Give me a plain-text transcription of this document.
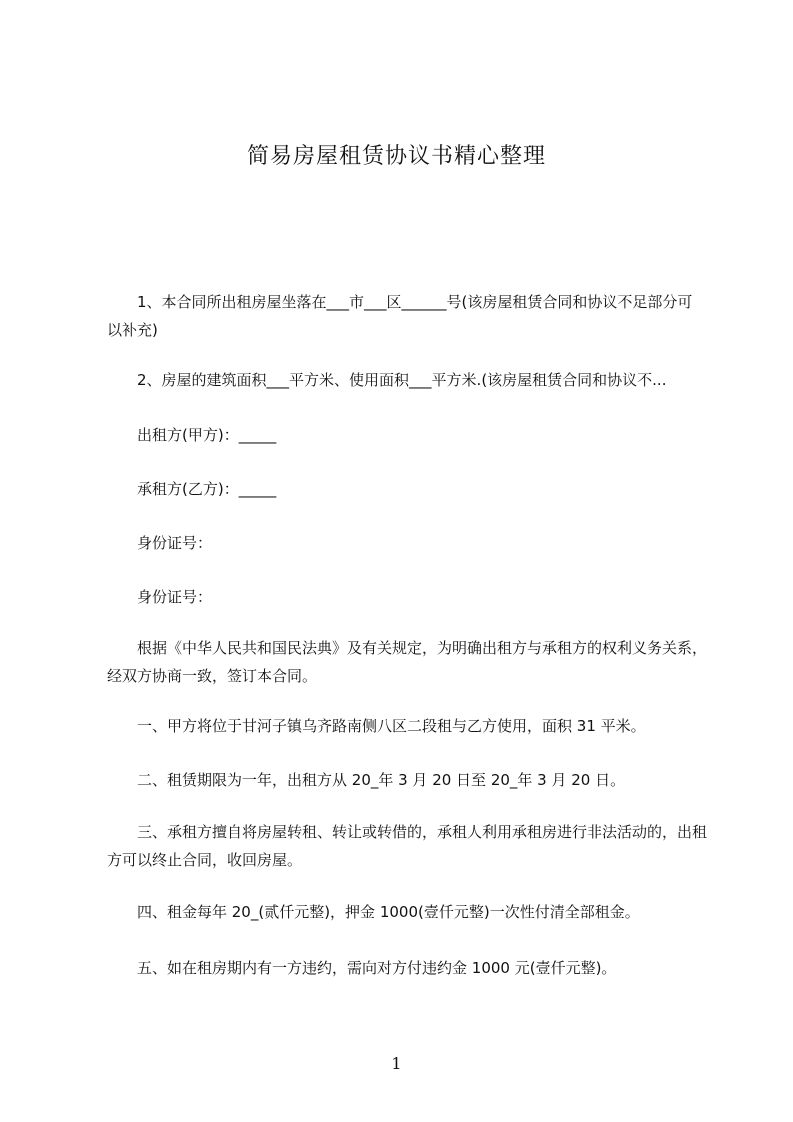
简易房屋租赁协议书精心整理

1、本合同所出租房屋坐落在___市___区______号(该房屋租赁合同和协议不足部分可以补充)

2、房屋的建筑面积___平方米、使用面积___平方米.(该房屋租赁合同和协议不...

出租方(甲方)：_____

承租方(乙方)：_____

身份证号：

身份证号：

根据《中华人民共和国民法典》及有关规定，为明确出租方与承租方的权利义务关系，经双方协商一致，签订本合同。

一、甲方将位于甘河子镇乌齐路南侧八区二段租与乙方使用，面积 31 平米。

二、租赁期限为一年，出租方从 20_年 3 月 20 日至 20_年 3 月 20 日。

三、承租方擅自将房屋转租、转让或转借的，承租人利用承租房进行非法活动的，出租方可以终止合同，收回房屋。

四、租金每年 20_(贰仟元整)，押金 1000(壹仟元整)一次性付清全部租金。

五、如在租房期内有一方违约，需向对方付违约金 1000 元(壹仟元整)。

1
